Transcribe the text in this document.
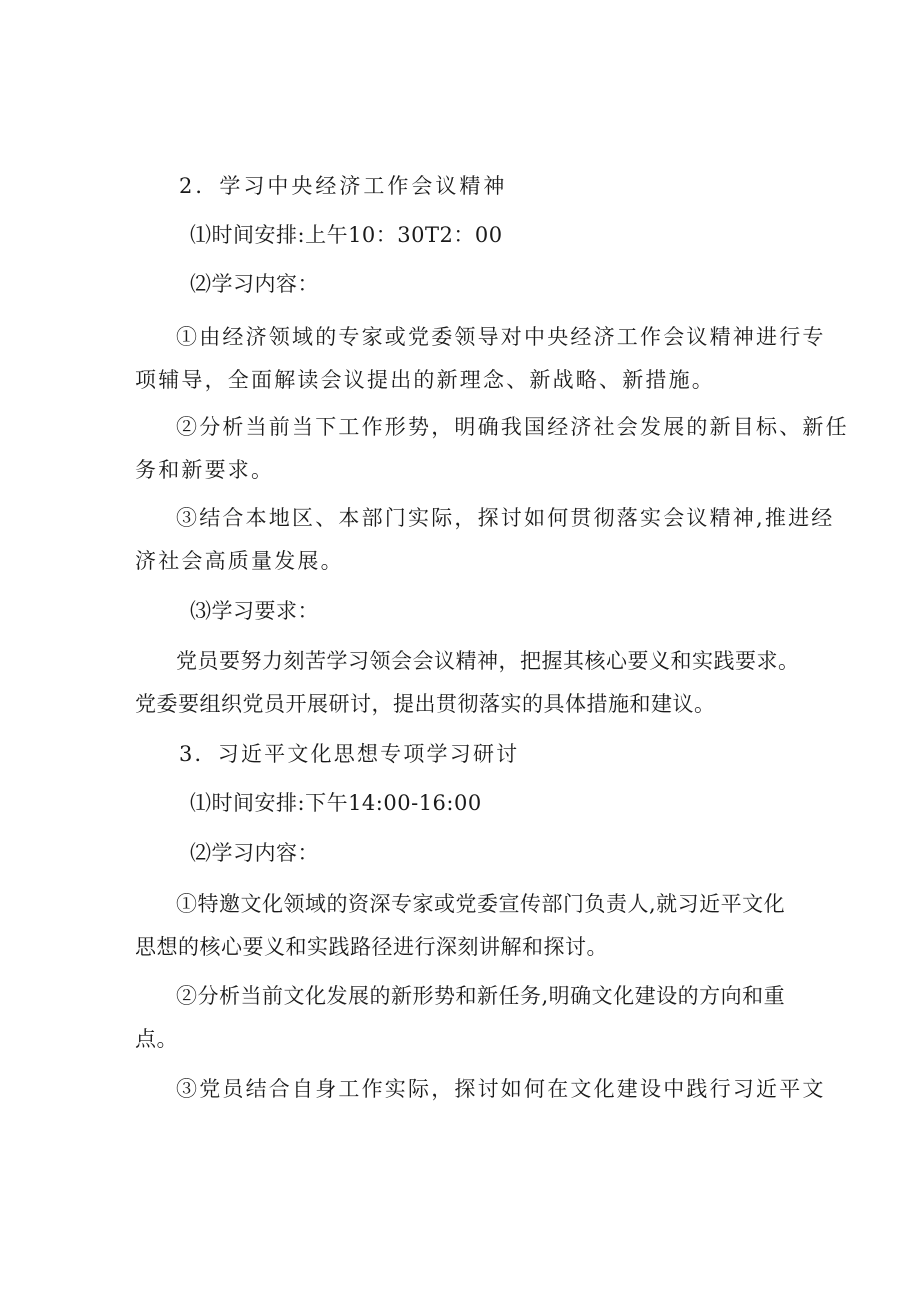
2．学习中央经济工作会议精神
⑴时间安排:上午10：30T2：00
⑵学习内容：
①由经济领域的专家或党委领导对中央经济工作会议精神进行专
项辅导，全面解读会议提出的新理念、新战略、新措施。
②分析当前当下工作形势，明确我国经济社会发展的新目标、新任
务和新要求。
③结合本地区、本部门实际，探讨如何贯彻落实会议精神,推进经
济社会高质量发展。
⑶学习要求：
党员要努力刻苦学习领会会议精神，把握其核心要义和实践要求。
党委要组织党员开展研讨，提出贯彻落实的具体措施和建议。
3．习近平文化思想专项学习研讨
⑴时间安排:下午14:00-16:00
⑵学习内容：
①特邀文化领域的资深专家或党委宣传部门负责人,就习近平文化
思想的核心要义和实践路径进行深刻讲解和探讨。
②分析当前文化发展的新形势和新任务,明确文化建设的方向和重
点。
③党员结合自身工作实际，探讨如何在文化建设中践行习近平文
